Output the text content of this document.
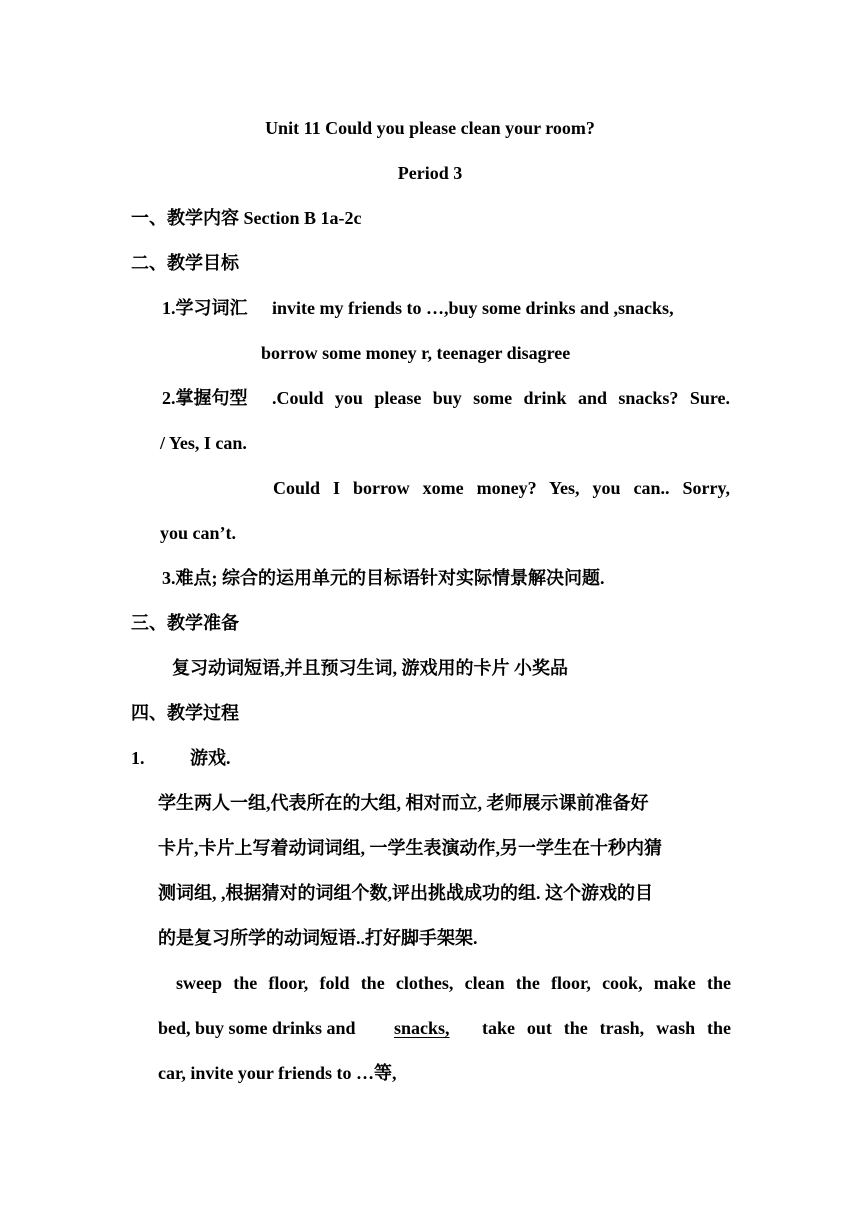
Unit 11 Could you please clean your room?
Period 3
一、教学内容 Section B 1a-2c
二、教学目标
1.学习词汇 invite my friends to …,buy some drinks and ,snacks,
borrow some money r, teenager disagree
2.掌握句型 .Could you please buy some drink and snacks? Sure.
/ Yes, I can.
Could I borrow xome money? Yes, you can.. Sorry,
you can’t.
3.难点; 综合的运用单元的目标语针对实际情景解决问题.
三、教学准备
复习动词短语,并且预习生词, 游戏用的卡片 小奖品
四、教学过程
1.	游戏.
学生两人一组,代表所在的大组, 相对而立, 老师展示课前准备好
卡片,卡片上写着动词词组, 一学生表演动作,另一学生在十秒内猜
测词组, ,根据猜对的词组个数,评出挑战成功的组. 这个游戏的目
的是复习所学的动词短语..打好脚手架架.
sweep the floor, fold the clothes, clean the floor, cook, make the
bed, buy some drinks and snacks, take out the trash, wash the
car, invite your friends to …等,
